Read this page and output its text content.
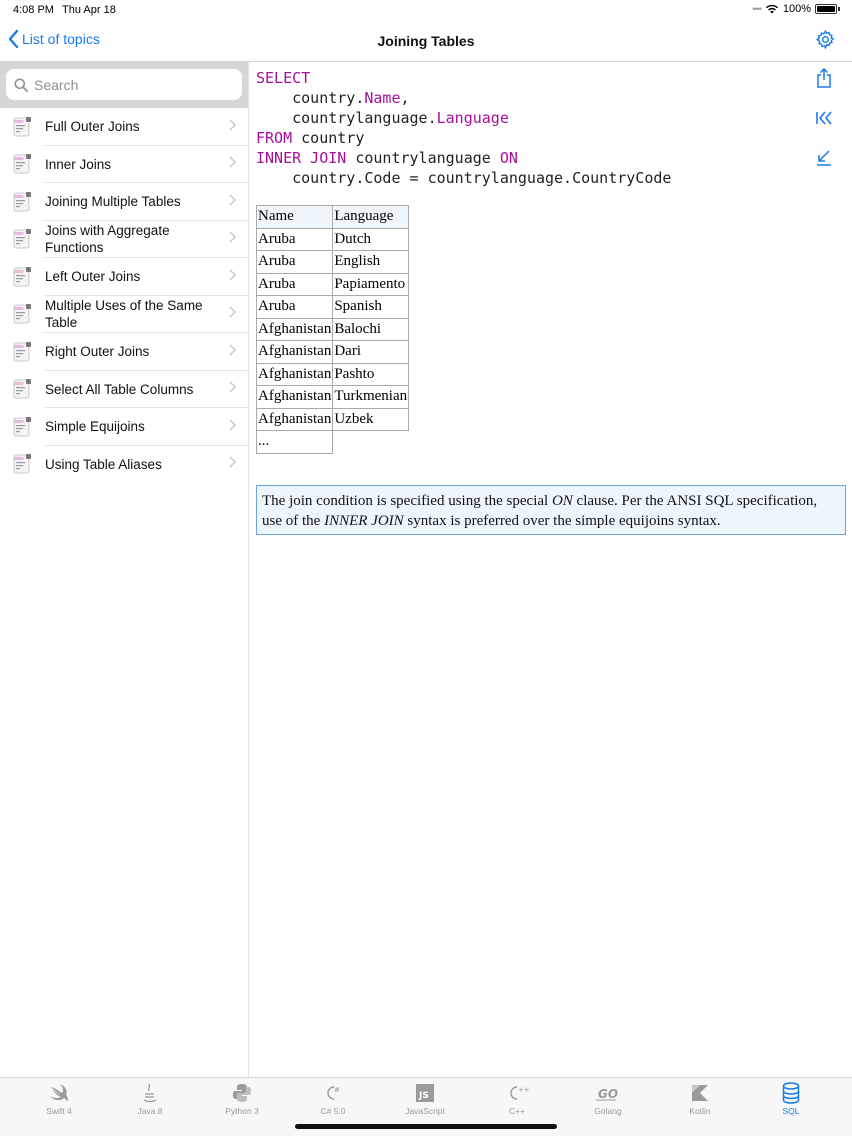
4:08 PM Thu Apr 18	•••• 100%
List of topics	Joining Tables
Search
Full Outer Joins
Inner Joins
Joining Multiple Tables
Joins with Aggregate Functions
Left Outer Joins
Multiple Uses of the Same Table
Right Outer Joins
Select All Table Columns
Simple Equijoins
Using Table Aliases
SELECT
country.Name,
countrylanguage.Language
FROM country
INNER JOIN countrylanguage ON
country.Code = countrylanguage.CountryCode
Name	Language
Aruba	Dutch
Aruba	English
Aruba	Papiamento
Aruba	Spanish
Afghanistan	Balochi
Afghanistan	Dari
Afghanistan	Pashto
Afghanistan	Turkmenian
Afghanistan	Uzbek
...	
The join condition is specified using the special ON clause. Per the ANSI SQL specification, use of the INNER JOIN syntax is preferred over the simple equijoins syntax.
Swift 4	Java 8	Python 3
#
C# 5.0
JS
JavaScript
++
C++
GO
Golang	Kotlin	SQL
